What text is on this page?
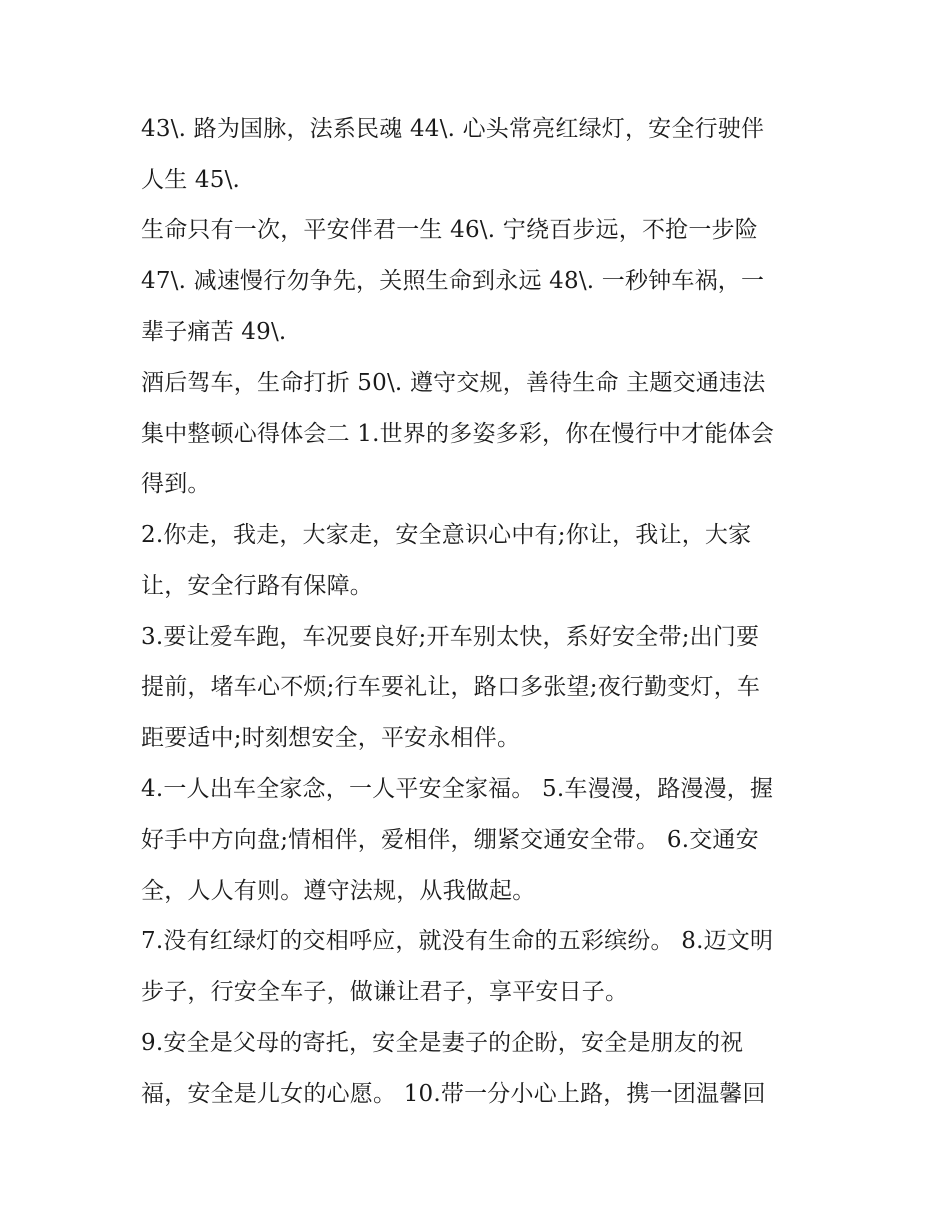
43\. 路为国脉，法系民魂 44\. 心头常亮红绿灯，安全行驶伴
人生 45\.
生命只有一次，平安伴君一生 46\. 宁绕百步远，不抢一步险
47\. 减速慢行勿争先，关照生命到永远 48\. 一秒钟车祸，一
辈子痛苦 49\.
酒后驾车，生命打折 50\. 遵守交规，善待生命 主题交通违法
集中整顿心得体会二 1.世界的多姿多彩，你在慢行中才能体会
得到。
2.你走，我走，大家走，安全意识心中有;你让，我让，大家
让，安全行路有保障。
3.要让爱车跑，车况要良好;开车别太快，系好安全带;出门要
提前，堵车心不烦;行车要礼让，路口多张望;夜行勤变灯，车
距要适中;时刻想安全，平安永相伴。
4.一人出车全家念，一人平安全家福。 5.车漫漫，路漫漫，握
好手中方向盘;情相伴，爱相伴，绷紧交通安全带。 6.交通安
全，人人有则。遵守法规，从我做起。
7.没有红绿灯的交相呼应，就没有生命的五彩缤纷。 8.迈文明
步子，行安全车子，做谦让君子，享平安日子。
9.安全是父母的寄托，安全是妻子的企盼，安全是朋友的祝
福，安全是儿女的心愿。 10.带一分小心上路，携一团温馨回
